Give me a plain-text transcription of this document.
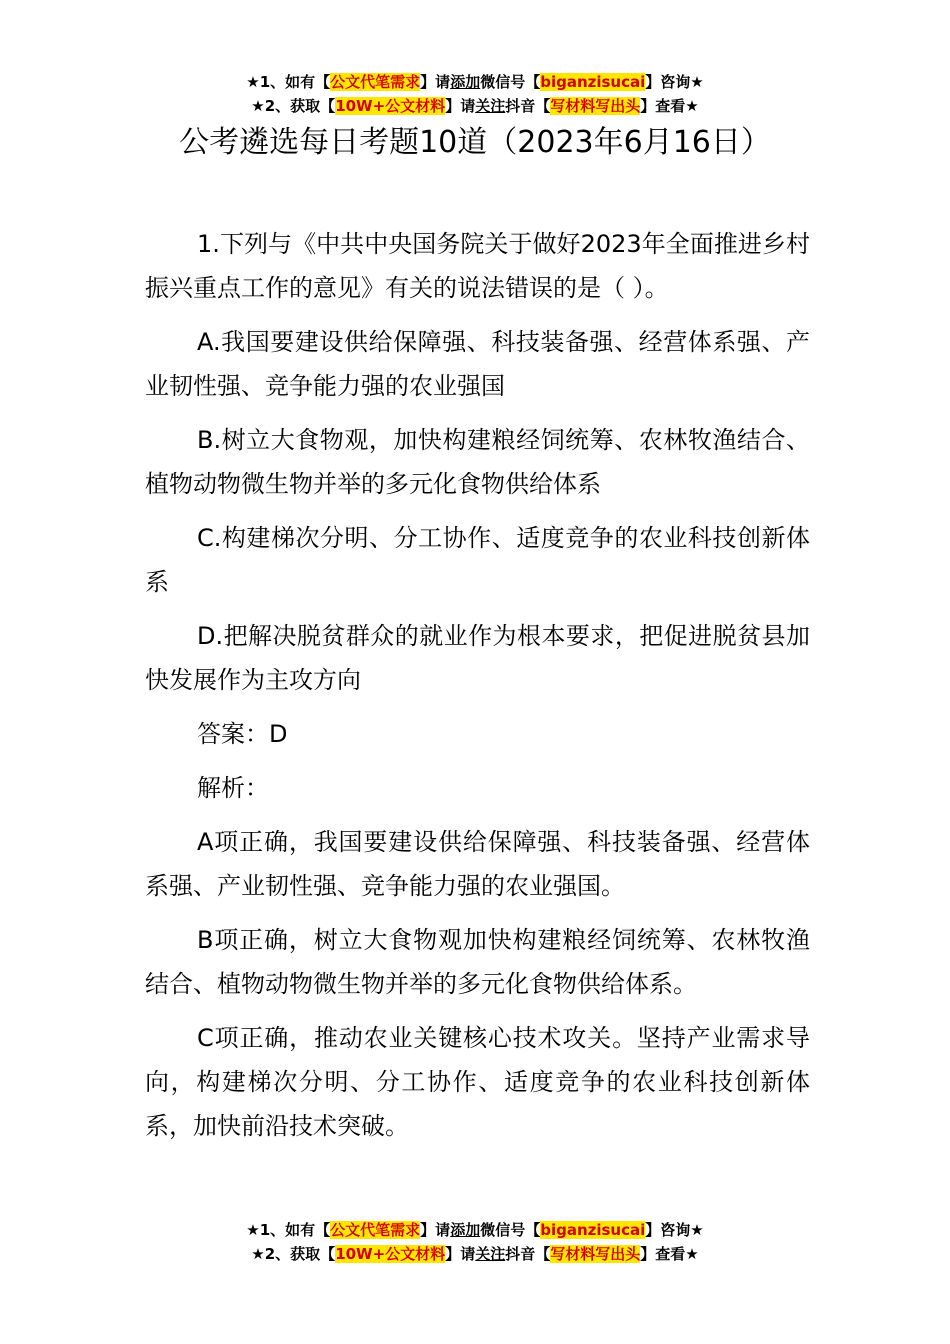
★1、如有【公文代笔需求】请添加微信号【biganzisucai】咨询★
★2、获取【10W+公文材料】请关注抖音【写材料写出头】查看★
公考遴选每日考题10道（2023年6月16日）

1.下列与《中共中央国务院关于做好2023年全面推进乡村振兴重点工作的意见》有关的说法错误的是（ ）。

A.我国要建设供给保障强、科技装备强、经营体系强、产业韧性强、竞争能力强的农业强国

B.树立大食物观，加快构建粮经饲统筹、农林牧渔结合、植物动物微生物并举的多元化食物供给体系

C.构建梯次分明、分工协作、适度竞争的农业科技创新体系

D.把解决脱贫群众的就业作为根本要求，把促进脱贫县加快发展作为主攻方向

答案：D

解析：

A项正确，我国要建设供给保障强、科技装备强、经营体系强、产业韧性强、竞争能力强的农业强国。

B项正确，树立大食物观加快构建粮经饲统筹、农林牧渔结合、植物动物微生物并举的多元化食物供给体系。

C项正确，推动农业关键核心技术攻关。坚持产业需求导向，构建梯次分明、分工协作、适度竞争的农业科技创新体系，加快前沿技术突破。

★1、如有【公文代笔需求】请添加微信号【biganzisucai】咨询★
★2、获取【10W+公文材料】请关注抖音【写材料写出头】查看★
